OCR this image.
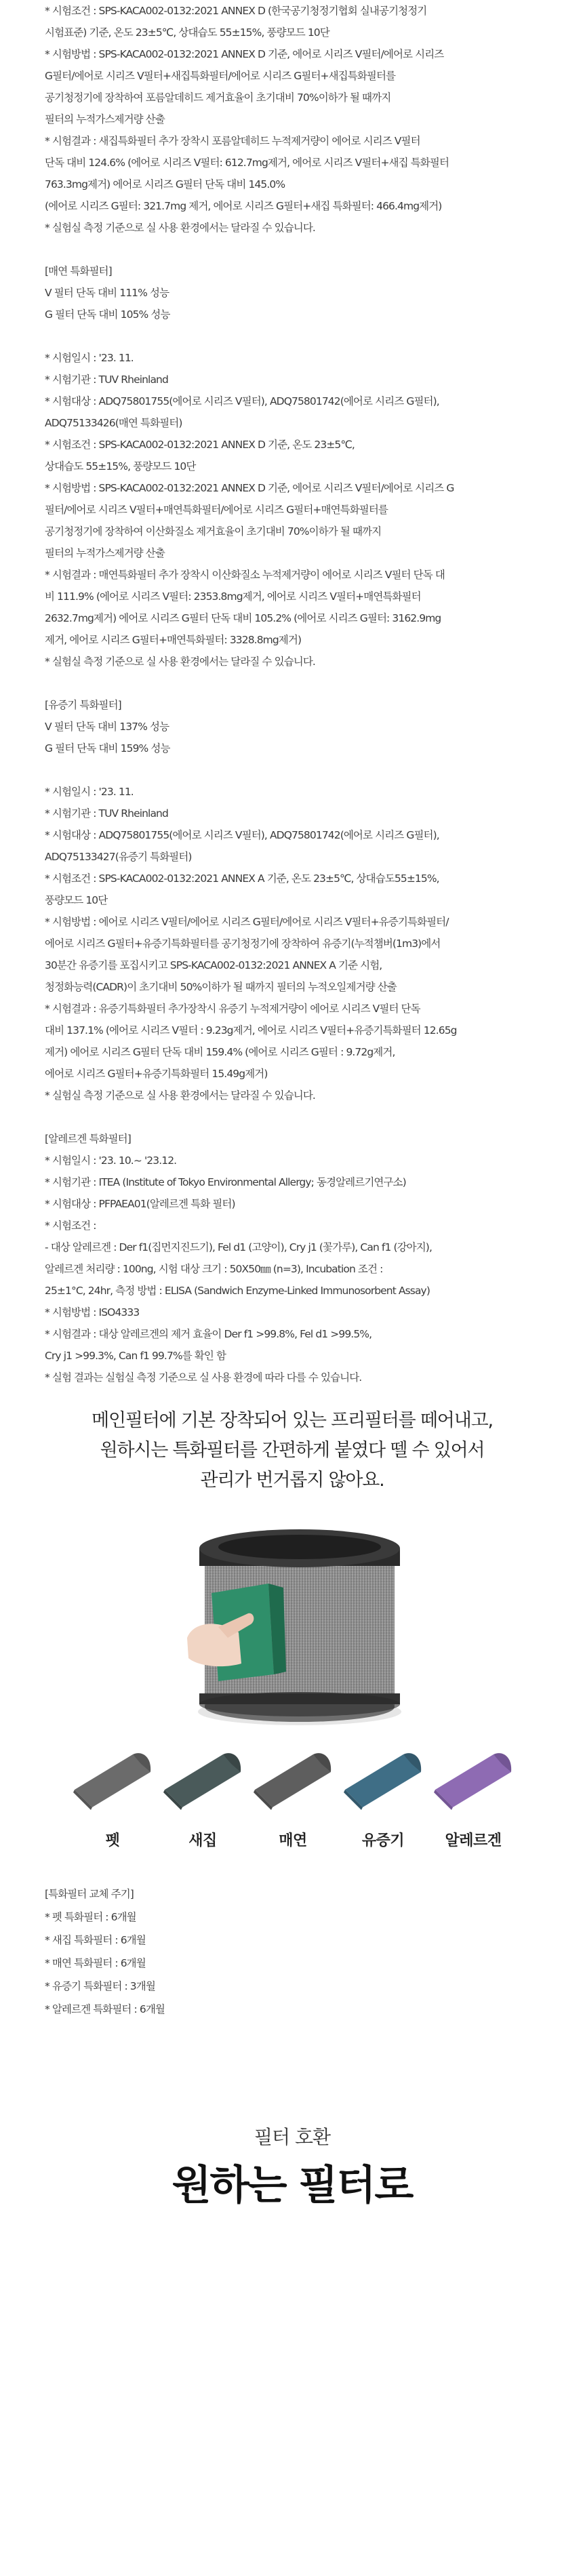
* 시험조건 : SPS-KACA002-0132:2021 ANNEX D (한국공기청정기협회 실내공기청정기

시험표준) 기준, 온도 23±5℃, 상대습도 55±15%, 풍량모드 10단

* 시험방법 : SPS-KACA002-0132:2021 ANNEX D 기준, 에어로 시리즈 V필터/에어로 시리즈

G필터/에어로 시리즈 V필터+새집특화필터/에어로 시리즈 G필터+새집특화필터를

공기청정기에 장착하여 포름알데히드 제거효율이 초기대비 70%이하가 될 때까지

필터의 누적가스제거량 산출

* 시험결과 : 새집특화필터 추가 장착시 포름알데히드 누적제거량이 에어로 시리즈 V필터

단독 대비 124.6% (에어로 시리즈 V필터: 612.7mg제거, 에어로 시리즈 V필터+새집 특화필터

763.3mg제거) 에어로 시리즈 G필터 단독 대비 145.0%

(에어로 시리즈 G필터: 321.7mg 제거, 에어로 시리즈 G필터+새집 특화필터: 466.4mg제거)

* 실험실 측정 기준으로 실 사용 환경에서는 달라질 수 있습니다.

[매연 특화필터]

V 필터 단독 대비 111% 성능

G 필터 단독 대비 105% 성능

* 시험일시 : '23. 11.

* 시험기관 : TUV Rheinland

* 시험대상 : ADQ75801755(에어로 시리즈 V필터), ADQ75801742(에어로 시리즈 G필터),

ADQ75133426(매연 특화필터)

* 시험조건 : SPS-KACA002-0132:2021 ANNEX D 기준, 온도 23±5℃,

상대습도 55±15%, 풍량모드 10단

* 시험방법 : SPS-KACA002-0132:2021 ANNEX D 기준, 에어로 시리즈 V필터/에어로 시리즈 G

필터/에어로 시리즈 V필터+매연특화필터/에어로 시리즈 G필터+매연특화필터를

공기청정기에 장착하여 이산화질소 제거효율이 초기대비 70%이하가 될 때까지

필터의 누적가스제거량 산출

* 시험결과 : 매연특화필터 추가 장착시 이산화질소 누적제거량이 에어로 시리즈 V필터 단독 대

비 111.9% (에어로 시리즈 V필터: 2353.8mg제거, 에어로 시리즈 V필터+매연특화필터

2632.7mg제거) 에어로 시리즈 G필터 단독 대비 105.2% (에어로 시리즈 G필터: 3162.9mg

제거, 에어로 시리즈 G필터+매연특화필터: 3328.8mg제거)

* 실험실 측정 기준으로 실 사용 환경에서는 달라질 수 있습니다.

[유증기 특화필터]

V 필터 단독 대비 137% 성능

G 필터 단독 대비 159% 성능

* 시험일시 : '23. 11.

* 시험기관 : TUV Rheinland

* 시험대상 : ADQ75801755(에어로 시리즈 V필터), ADQ75801742(에어로 시리즈 G필터),

ADQ75133427(유증기 특화필터)

* 시험조건 : SPS-KACA002-0132:2021 ANNEX A 기준, 온도 23±5℃, 상대습도55±15%,

풍량모드 10단

* 시험방법 : 에어로 시리즈 V필터/에어로 시리즈 G필터/에어로 시리즈 V필터+유증기특화필터/

에어로 시리즈 G필터+유증기특화필터를 공기청정기에 장착하여 유증기(누적챔버(1m3)에서

30분간 유증기를 포집시키고 SPS-KACA002-0132:2021 ANNEX A 기준 시험,

청정화능력(CADR)이 초기대비 50%이하가 될 때까지 필터의 누적오일제거량 산출

* 시험결과 : 유증기특화필터 추가장착시 유증기 누적제거량이 에어로 시리즈 V필터 단독

대비 137.1% (에어로 시리즈 V필터 : 9.23g제거, 에어로 시리즈 V필터+유증기특화필터 12.65g

제거) 에어로 시리즈 G필터 단독 대비 159.4% (에어로 시리즈 G필터 : 9.72g제거,

에어로 시리즈 G필터+유증기특화필터 15.49g제거)

* 실험실 측정 기준으로 실 사용 환경에서는 달라질 수 있습니다.

[알레르겐 특화필터]

* 시험일시 : '23. 10.~ '23.12.

* 시험기관 : ITEA (Institute of Tokyo Environmental Allergy; 동경알레르기연구소)

* 시험대상 : PFPAEA01(알레르겐 특화 필터)

* 시험조건 :

- 대상 알레르겐 : Der f1(집먼지진드기), Fel d1 (고양이), Cry j1 (꽃가루), Can f1 (강아지),

알레르겐 처리량 : 100ng, 시험 대상 크기 : 50X50㎜ (n=3), Incubation 조건 :

25±1°C, 24hr, 측정 방법 : ELISA (Sandwich Enzyme-Linked Immunosorbent Assay)

* 시험방법 : ISO4333

* 시험결과 : 대상 알레르겐의 제거 효율이 Der f1 >99.8%, Fel d1 >99.5%,

Cry j1 >99.3%, Can f1 99.7%를 확인 함

* 실험 결과는 실험실 측정 기준으로 실 사용 환경에 따라 다를 수 있습니다.

메인필터에 기본 장착되어 있는 프리필터를 떼어내고,
원하시는 특화필터를 간편하게 붙였다 뗄 수 있어서
관리가 번거롭지 않아요.
펫	새집	매연	유증기	알레르겐

[특화필터 교체 주기]

* 펫 특화필터 : 6개월

* 새집 특화필터 : 6개월

* 매연 특화필터 : 6개월

* 유증기 특화필터 : 3개월

* 알레르겐 특화필터 : 6개월

필터 호환
원하는 필터로
